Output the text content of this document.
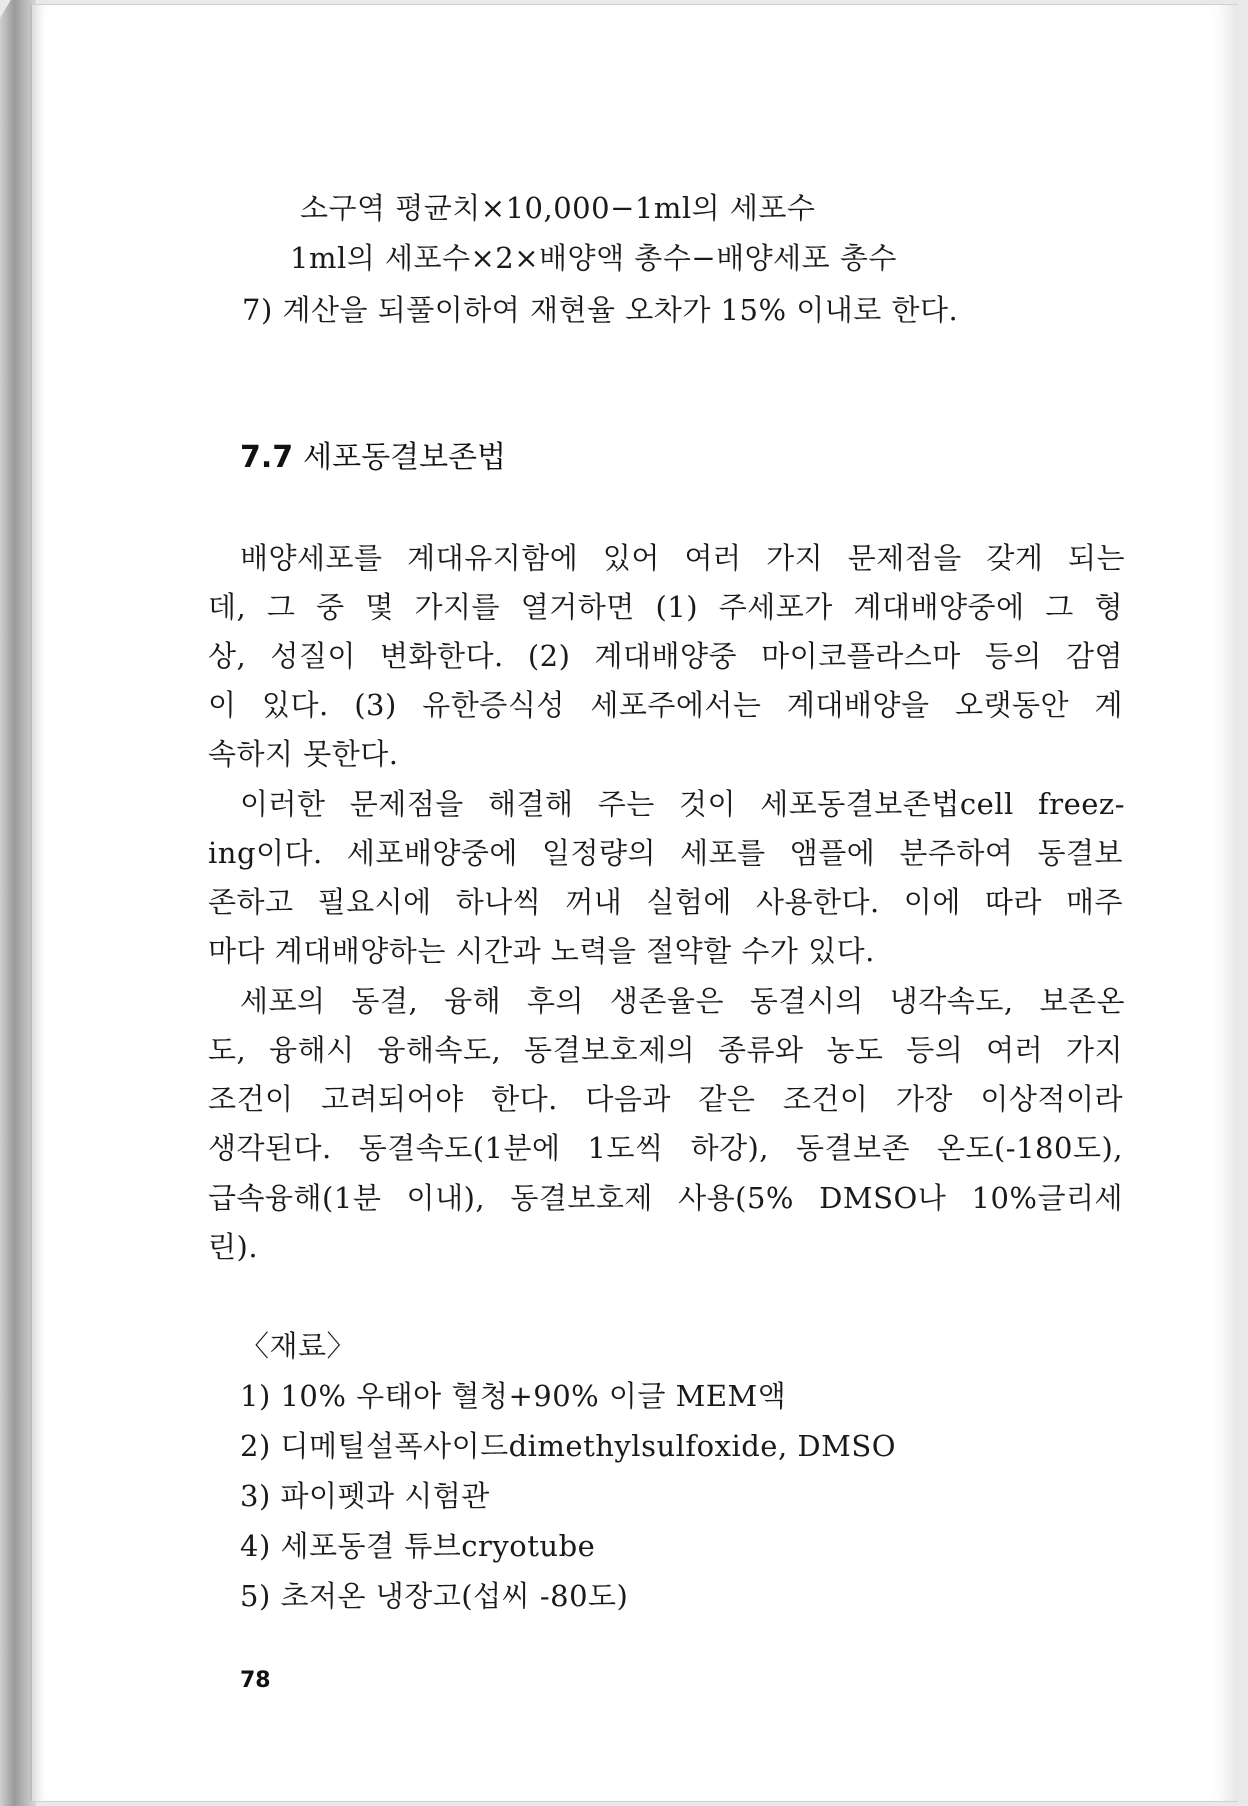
소구역 평균치×10,000−1ml의 세포수
1ml의 세포수×2×배양액 총수−배양세포 총수
7) 계산을 되풀이하여 재현율 오차가 15% 이내로 한다.
7.7 세포동결보존법
배양세포를 계대유지함에 있어 여러 가지 문제점을 갖게 되는
데, 그 중 몇 가지를 열거하면 (1) 주세포가 계대배양중에 그 형
상, 성질이 변화한다. (2) 계대배양중 마이코플라스마 등의 감염
이 있다. (3) 유한증식성 세포주에서는 계대배양을 오랫동안 계
속하지 못한다.
이러한 문제점을 해결해 주는 것이 세포동결보존법cell freez-
ing이다. 세포배양중에 일정량의 세포를 앰플에 분주하여 동결보
존하고 필요시에 하나씩 꺼내 실험에 사용한다. 이에 따라 매주
마다 계대배양하는 시간과 노력을 절약할 수가 있다.
세포의 동결, 융해 후의 생존율은 동결시의 냉각속도, 보존온
도, 융해시 융해속도, 동결보호제의 종류와 농도 등의 여러 가지
조건이 고려되어야 한다. 다음과 같은 조건이 가장 이상적이라
생각된다. 동결속도(1분에 1도씩 하강), 동결보존 온도(-180도),
급속융해(1분 이내), 동결보호제 사용(5% DMSO나 10%글리세
린).
〈재료〉
1) 10% 우태아 혈청+90% 이글 MEM액
2) 디메틸설폭사이드dimethylsulfoxide, DMSO
3) 파이펫과 시험관
4) 세포동결 튜브cryotube
5) 초저온 냉장고(섭씨 -80도)
78
